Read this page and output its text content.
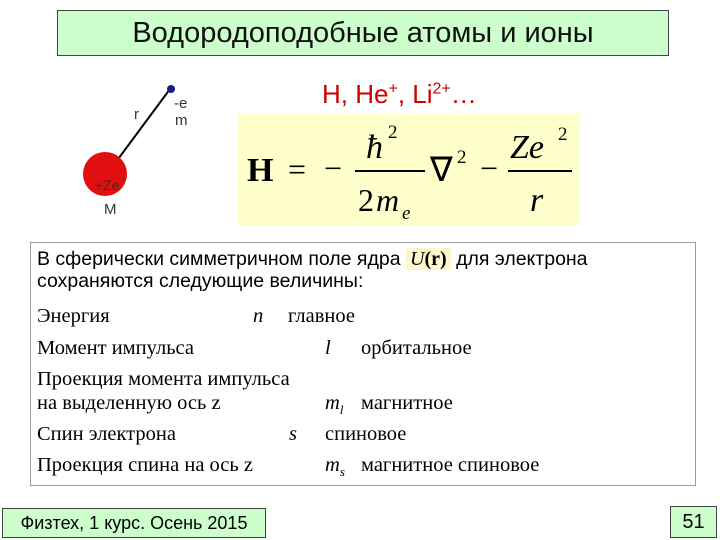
Водородоподобные атомы и ионы
H, He+, $Li^{2+}\dots$
r
-e
m
+Ze
M
H = −
ħ 2
2 m e
∇ 2 −
Ze 2
r
В сферически симметричном поле ядра U(r) для электрона сохраняются следующие величины:
Энергия	n главное
Момент импульса	l орбитальное
Проекция момента импульса
на выделенную ось z	$m_l$ магнитное
Спин электрона	s спиновое
Проекция спина на ось z	$m_s$ магнитное спиновое
Физтех, 1 курс. Осень 2015	51
